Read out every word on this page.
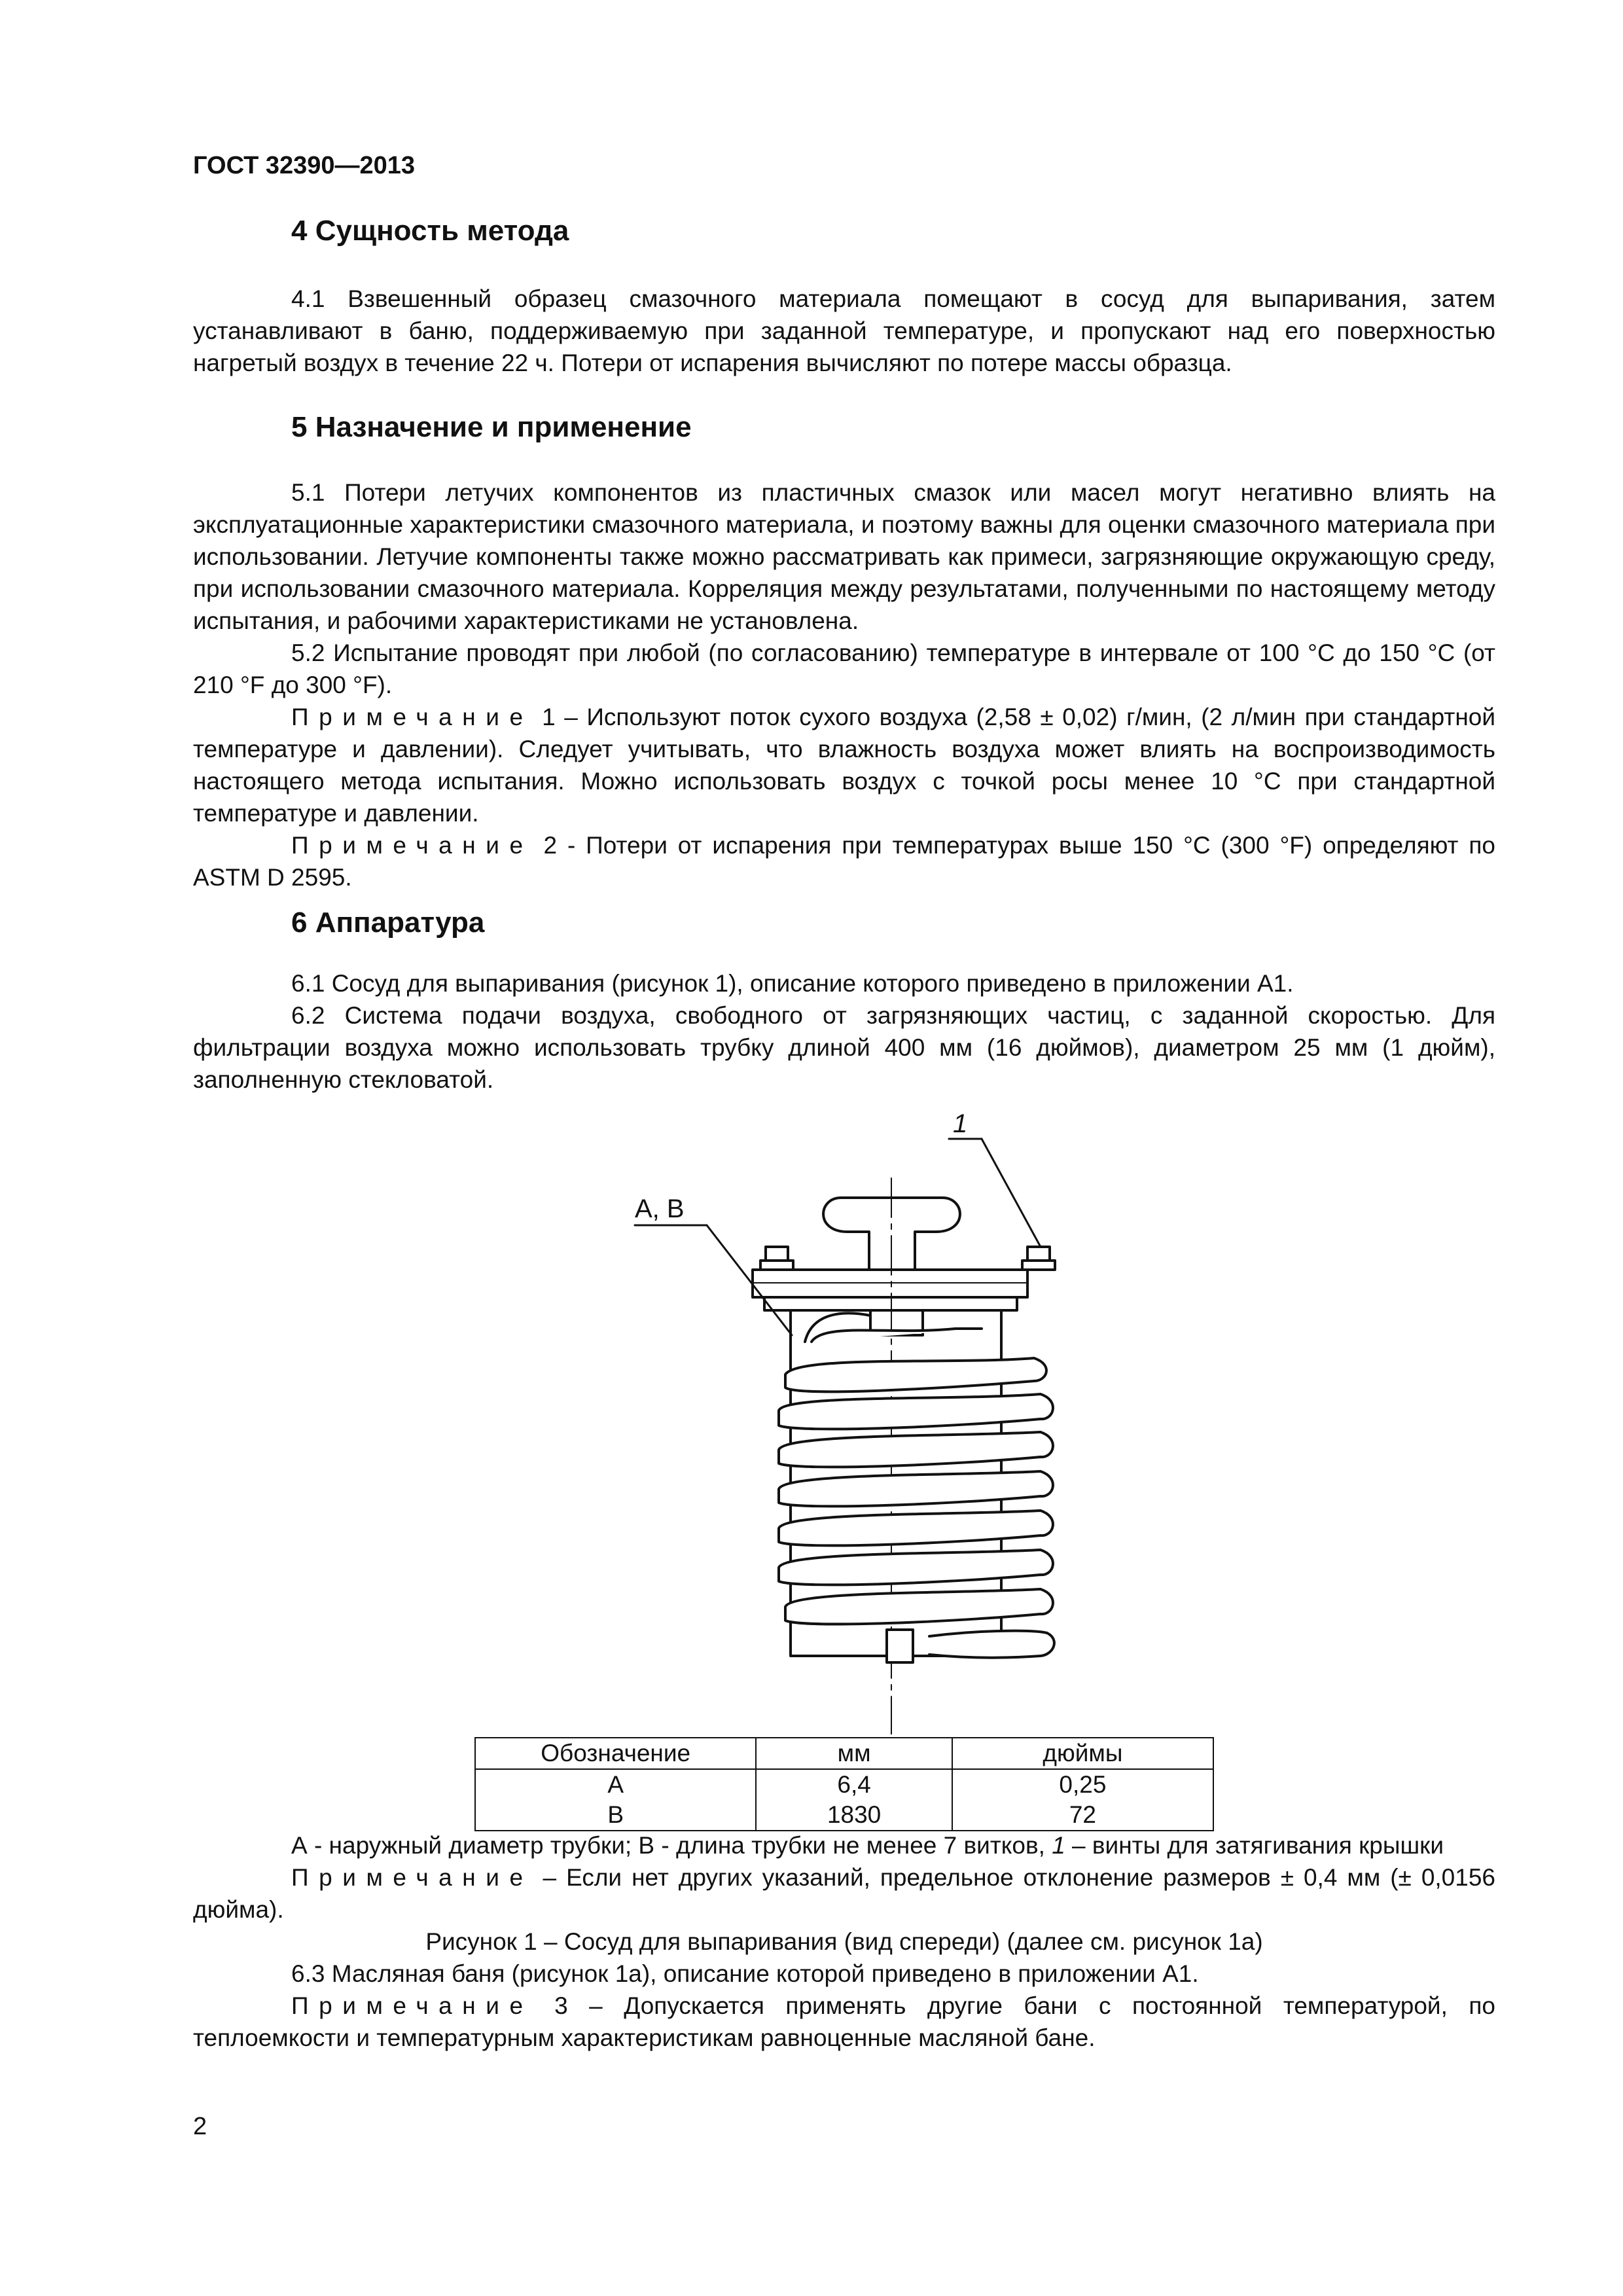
ГОСТ 32390—2013
4 Сущность метода

4.1 Взвешенный образец смазочного материала помещают в сосуд для выпаривания, затем устанавливают в баню, поддерживаемую при заданной температуре, и пропускают над его поверхностью нагретый воздух в течение 22 ч. Потери от испарения вычисляют по потере массы образца.

5 Назначение и применение

5.1 Потери летучих компонентов из пластичных смазок или масел могут негативно влиять на эксплуатационные характеристики смазочного материала, и поэтому важны для оценки смазочного материала при использовании. Летучие компоненты также можно рассматривать как примеси, загрязняющие окружающую среду, при использовании смазочного материала. Корреляция между результатами, полученными по настоящему методу испытания, и рабочими характеристиками не установлена.

5.2 Испытание проводят при любой (по согласованию) температуре в интервале от 100 °С до 150 °С (от 210 °F до 300 °F).

Примечание 1 – Используют поток сухого воздуха (2,58 ± 0,02) г/мин, (2 л/мин при стандартной температуре и давлении). Следует учитывать, что влажность воздуха может влиять на воспроизводимость настоящего метода испытания. Можно использовать воздух с точкой росы менее 10 °С при стандартной температуре и давлении.

Примечание 2 - Потери от испарения при температурах выше 150 °С (300 °F) определяют по ASTM D 2595.

6 Аппаратура

6.1 Сосуд для выпаривания (рисунок 1), описание которого приведено в приложении А1.

6.2 Система подачи воздуха, свободного от загрязняющих частиц, с заданной скоростью. Для фильтрации воздуха можно использовать трубку длиной 400 мм (16 дюймов), диаметром 25 мм (1 дюйм), заполненную стекловатой.

А, В
1
Обозначение	мм	дюймы
А	6,4	0,25
В	1830	72

А - наружный диаметр трубки; В - длина трубки не менее 7 витков, 1 – винты для затягивания крышки

Примечание – Если нет других указаний, предельное отклонение размеров ± 0,4 мм (± 0,0156 дюйма).

Рисунок 1 – Сосуд для выпаривания (вид спереди) (далее см. рисунок 1а)

6.3 Масляная баня (рисунок 1а), описание которой приведено в приложении А1.

Примечание 3 – Допускается применять другие бани с постоянной температурой, по теплоемкости и температурным характеристикам равноценные масляной бане.

2
